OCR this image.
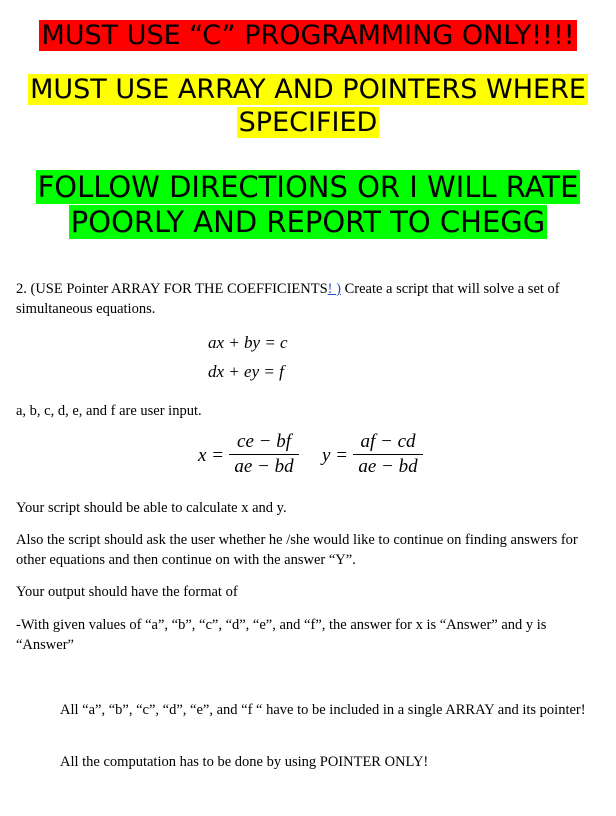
MUST USE “C” PROGRAMMING ONLY!!!!
MUST USE ARRAY AND POINTERS WHERE
SPECIFIED
FOLLOW DIRECTIONS OR I WILL RATE
POORLY AND REPORT TO CHEGG
2. (USE Pointer ARRAY FOR THE COEFFICIENTS! ) Create a script that will solve a set of simultaneous equations.
ax + by = c
dx + ey = f
a, b, c, d, e, and f are user input.
x =
ce − bf
ae − bd
y =
af − cd
ae − bd
Your script should be able to calculate x and y.
Also the script should ask the user whether he /she would like to continue on finding answers for other equations and then continue on with the answer “Y”.
Your output should have the format of
-With given values of “a”, “b”, “c”, “d”, “e”, and “f”, the answer for x is “Answer” and y is “Answer”
All “a”, “b”, “c”, “d”, “e”, and “f “ have to be included in a single ARRAY and its pointer!
All the computation has to be done by using POINTER ONLY!
